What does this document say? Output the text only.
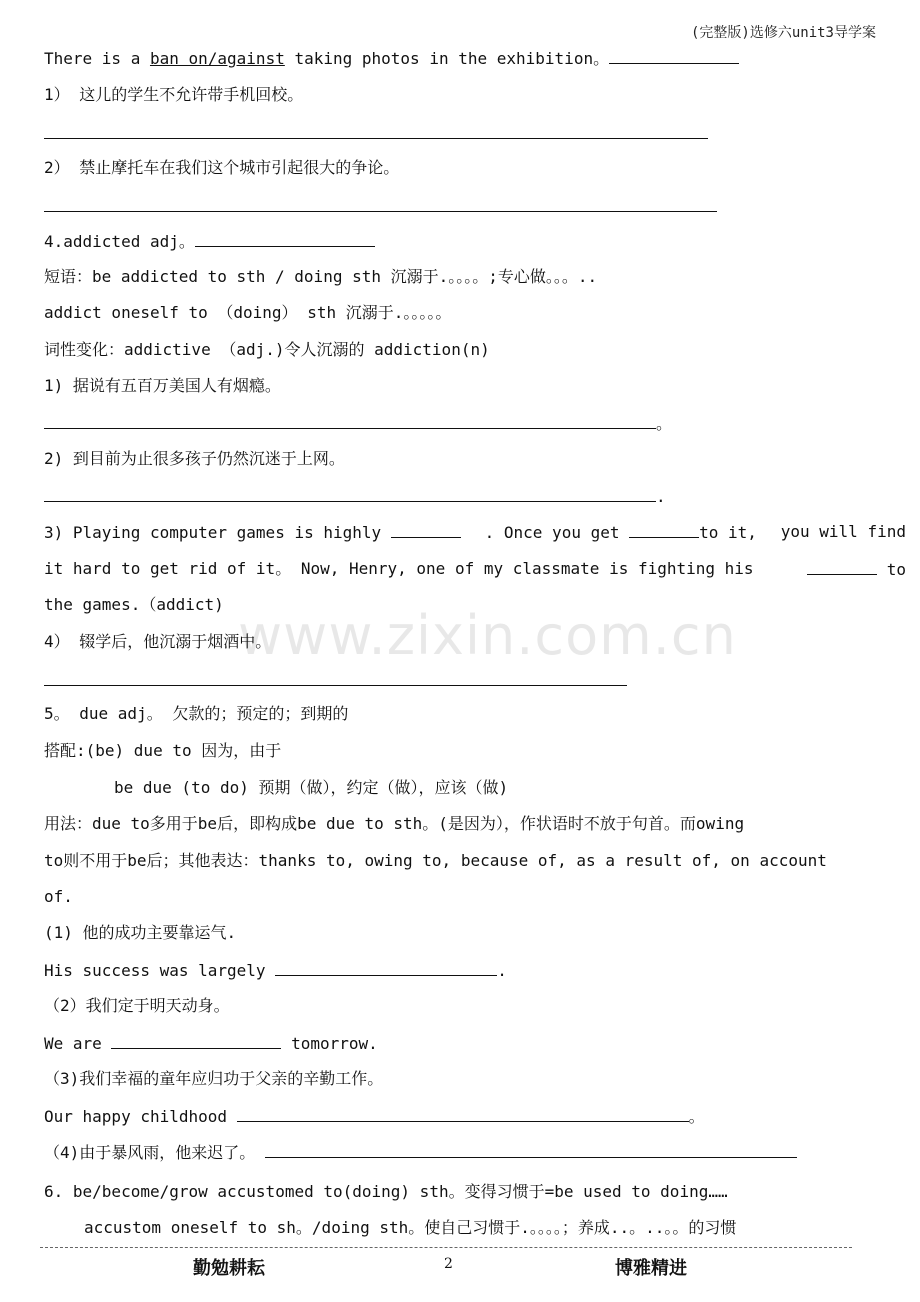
(完整版)选修六unit3导学案
www.zixin.com.cn
There is a ban on/against taking photos in the exhibition。
1） 这儿的学生不允许带手机回校。
2） 禁止摩托车在我们这个城市引起很大的争论。
4.addicted adj。
短语：be addicted to sth / doing sth 沉溺于.。。。。;专心做。。。..
addict oneself to （doing） sth 沉溺于.。。。。。
词性变化：addictive （adj.)令人沉溺的 addiction(n)
1) 据说有五百万美国人有烟瘾。
。
2) 到目前为止很多孩子仍然沉迷于上网。
.
3) Playing computer games is highly	. Once you get	to it, you will find
it hard to get rid of it。 Now, Henry, one of my classmate is fighting his	to
the games.（addict)
4） 辍学后，他沉溺于烟酒中。
5。 due adj。 欠款的；预定的；到期的
搭配:(be) due to 因为，由于
be due (to do) 预期（做），约定（做），应该（做)
用法：due to多用于be后，即构成be due to sth。(是因为），作状语时不放于句首。而owing
to则不用于be后；其他表达：thanks to, owing to, because of, as a result of, on account
of.
(1) 他的成功主要靠运气.
His success was largely	.
（2）我们定于明天动身。
We are	tomorrow.
（3)我们幸福的童年应归功于父亲的辛勤工作。
Our happy childhood	。
（4)由于暴风雨，他来迟了。
6. be/become/grow accustomed to(doing) sth。变得习惯于=be used to doing……
accustom oneself to sh。/doing sth。使自己习惯于.。。。。；养成..。..。。的习惯
勤勉耕耘	2	博雅精进
